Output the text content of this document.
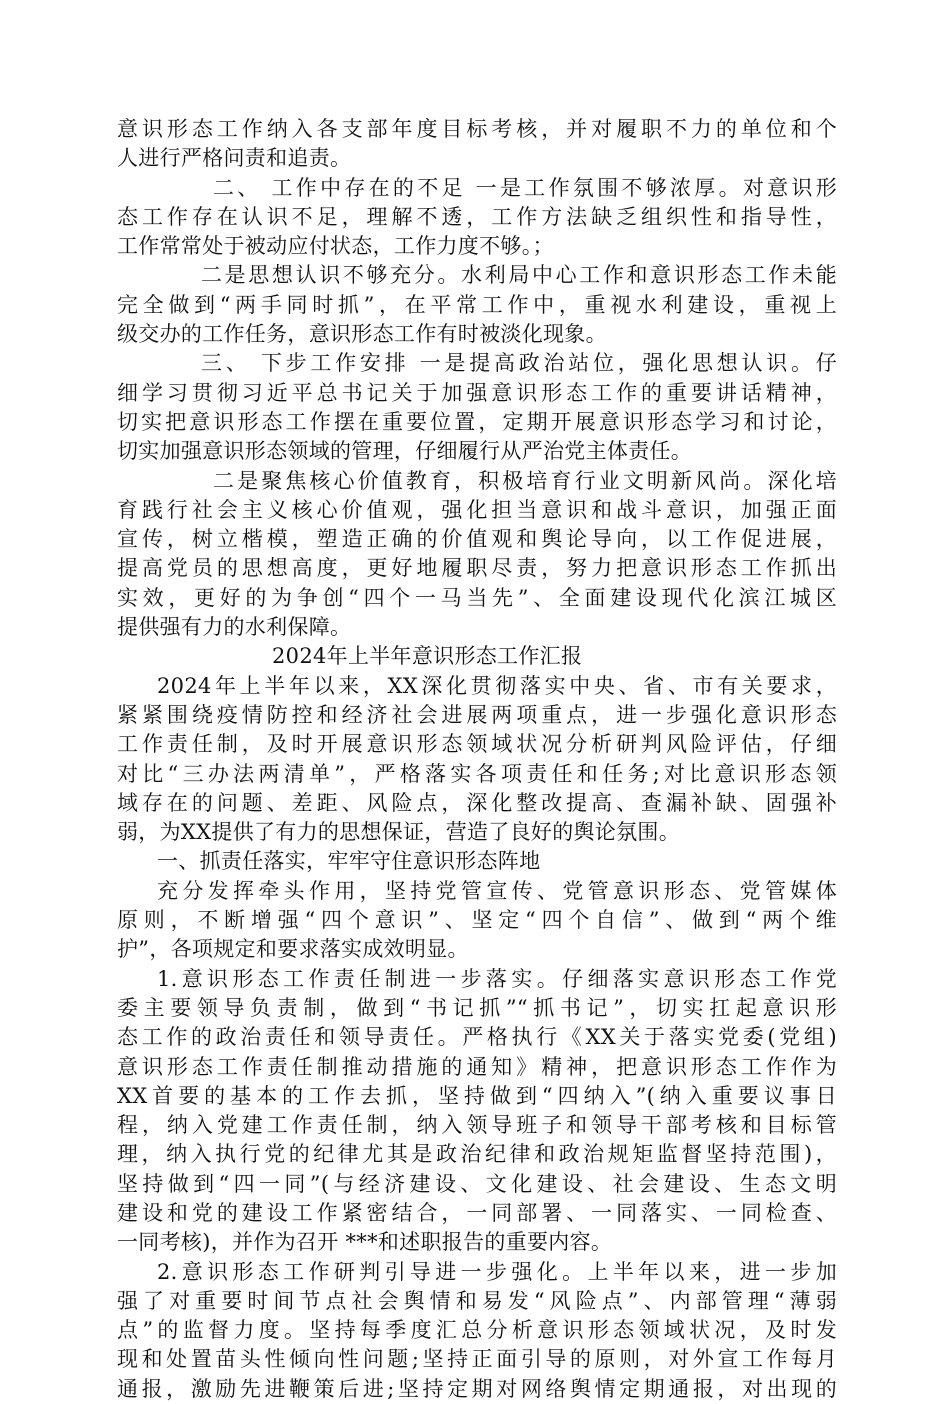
意识形态工作纳入各支部年度目标考核，并对履职不力的单位和个
人进行严格问责和追责。
二、 工作中存在的不足 一是工作氛围不够浓厚。对意识形
态工作存在认识不足，理解不透，工作方法缺乏组织性和指导性，
工作常常处于被动应付状态，工作力度不够。；
二是思想认识不够充分。水利局中心工作和意识形态工作未能
完全做到“两手同时抓”，在平常工作中，重视水利建设，重视上
级交办的工作任务，意识形态工作有时被淡化现象。
三、 下步工作安排 一是提高政治站位，强化思想认识。仔
细学习贯彻习近平总书记关于加强意识形态工作的重要讲话精神，
切实把意识形态工作摆在重要位置，定期开展意识形态学习和讨论，
切实加强意识形态领域的管理，仔细履行从严治党主体责任。
二是聚焦核心价值教育，积极培育行业文明新风尚。深化培
育践行社会主义核心价值观，强化担当意识和战斗意识，加强正面
宣传，树立楷模，塑造正确的价值观和舆论导向，以工作促进展，
提高党员的思想高度，更好地履职尽责，努力把意识形态工作抓出
实效，更好的为争创“四个一马当先”、全面建设现代化滨江城区
提供强有力的水利保障。
2024年上半年意识形态工作汇报
2024年上半年以来，XX深化贯彻落实中央、省、市有关要求，
紧紧围绕疫情防控和经济社会进展两项重点，进一步强化意识形态
工作责任制，及时开展意识形态领域状况分析研判风险评估，仔细
对比“三办法两清单”，严格落实各项责任和任务;对比意识形态领
域存在的问题、差距、风险点，深化整改提高、查漏补缺、固强补
弱，为XX提供了有力的思想保证，营造了良好的舆论氛围。
一、抓责任落实，牢牢守住意识形态阵地
充分发挥牵头作用，坚持党管宣传、党管意识形态、党管媒体
原则，不断增强“四个意识”、坚定“四个自信”、做到“两个维
护”，各项规定和要求落实成效明显。
1.意识形态工作责任制进一步落实。仔细落实意识形态工作党
委主要领导负责制，做到“书记抓”“抓书记”，切实扛起意识形
态工作的政治责任和领导责任。严格执行《XX关于落实党委(党组)
意识形态工作责任制推动措施的通知》精神，把意识形态工作作为
XX首要的基本的工作去抓，坚持做到“四纳入”(纳入重要议事日
程，纳入党建工作责任制，纳入领导班子和领导干部考核和目标管
理，纳入执行党的纪律尤其是政治纪律和政治规矩监督坚持范围)，
坚持做到“四一同”(与经济建设、文化建设、社会建设、生态文明
建设和党的建设工作紧密结合，一同部署、一同落实、一同检查、
一同考核)，并作为召开 ***和述职报告的重要内容。
2.意识形态工作研判引导进一步强化。上半年以来，进一步加
强了对重要时间节点社会舆情和易发“风险点”、内部管理“薄弱
点”的监督力度。坚持每季度汇总分析意识形态领域状况，及时发
现和处置苗头性倾向性问题;坚持正面引导的原则，对外宣工作每月
通报，激励先进鞭策后进;坚持定期对网络舆情定期通报，对出现的
